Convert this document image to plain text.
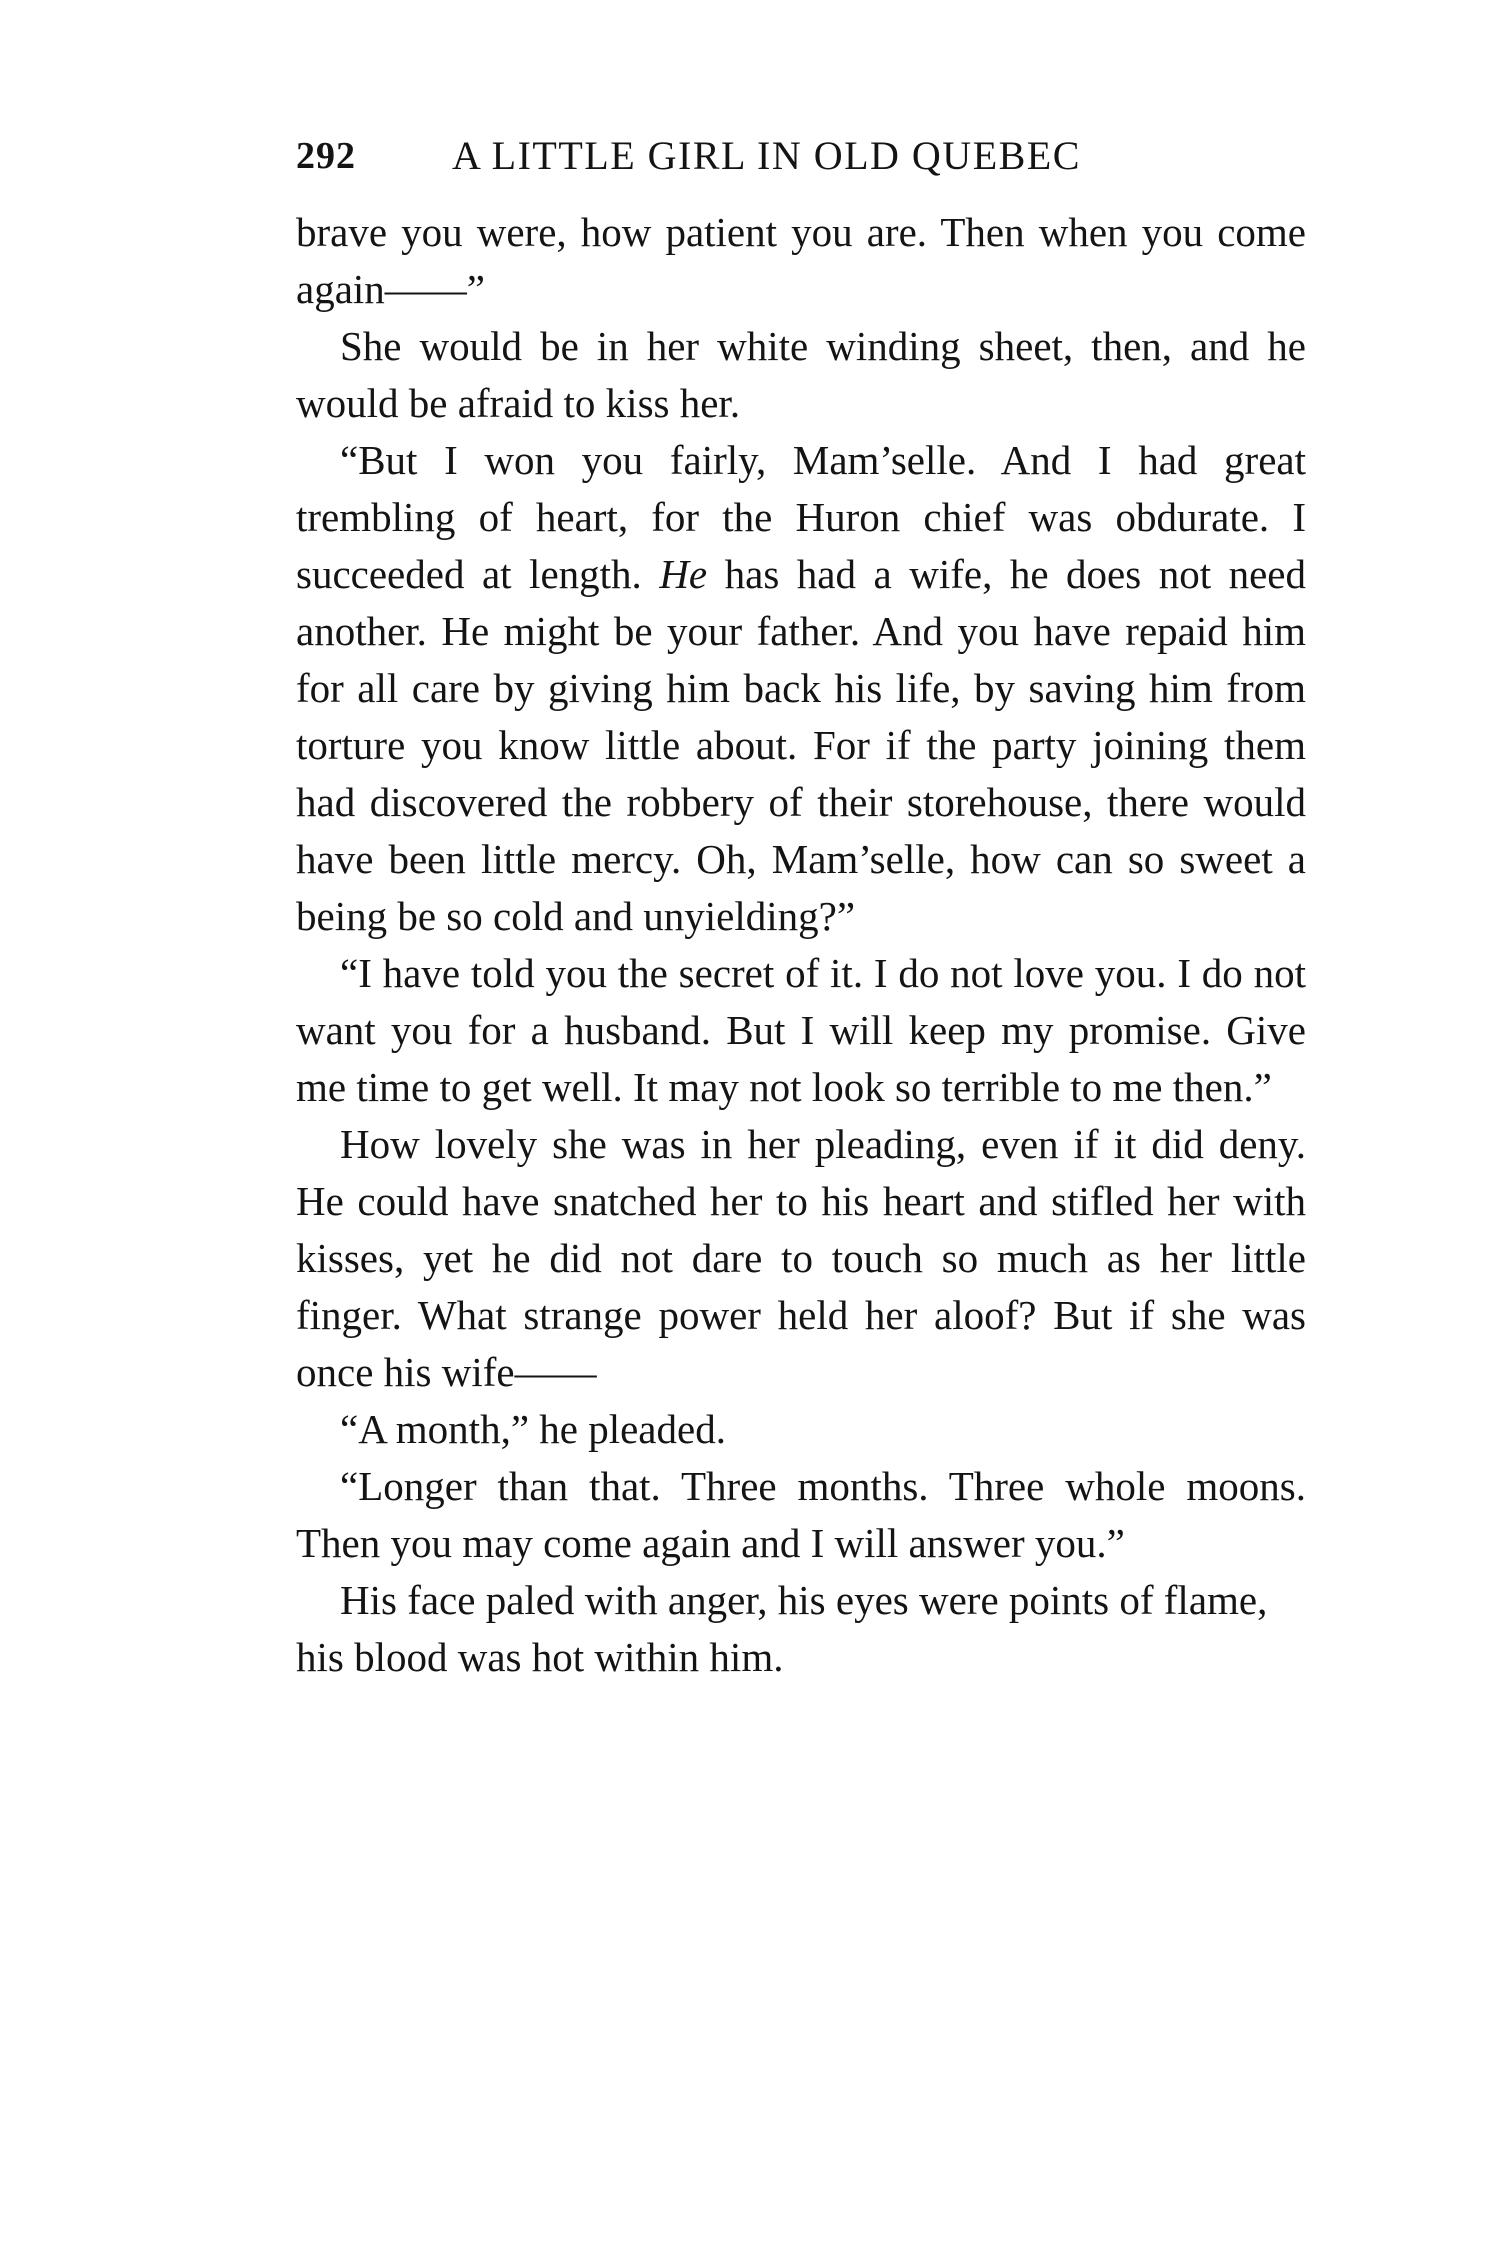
292 A LITTLE GIRL IN OLD QUEBEC

brave you were, how patient you are. Then when you come again——”

She would be in her white winding sheet, then, and he would be afraid to kiss her.

“But I won you fairly, Mam’selle. And I had great trembling of heart, for the Huron chief was obdurate. I succeeded at length. He has had a wife, he does not need another. He might be your father. And you have repaid him for all care by giving him back his life, by saving him from torture you know little about. For if the party joining them had discovered the robbery of their storehouse, there would have been little mercy. Oh, Mam’selle, how can so sweet a being be so cold and unyielding?”

“I have told you the secret of it. I do not love you. I do not want you for a husband. But I will keep my promise. Give me time to get well. It may not look so terrible to me then.”

How lovely she was in her pleading, even if it did deny. He could have snatched her to his heart and stifled her with kisses, yet he did not dare to touch so much as her little finger. What strange power held her aloof? But if she was once his wife——

“A month,” he pleaded.

“Longer than that. Three months. Three whole moons. Then you may come again and I will answer you.”

His face paled with anger, his eyes were points of flame, his blood was hot within him.
